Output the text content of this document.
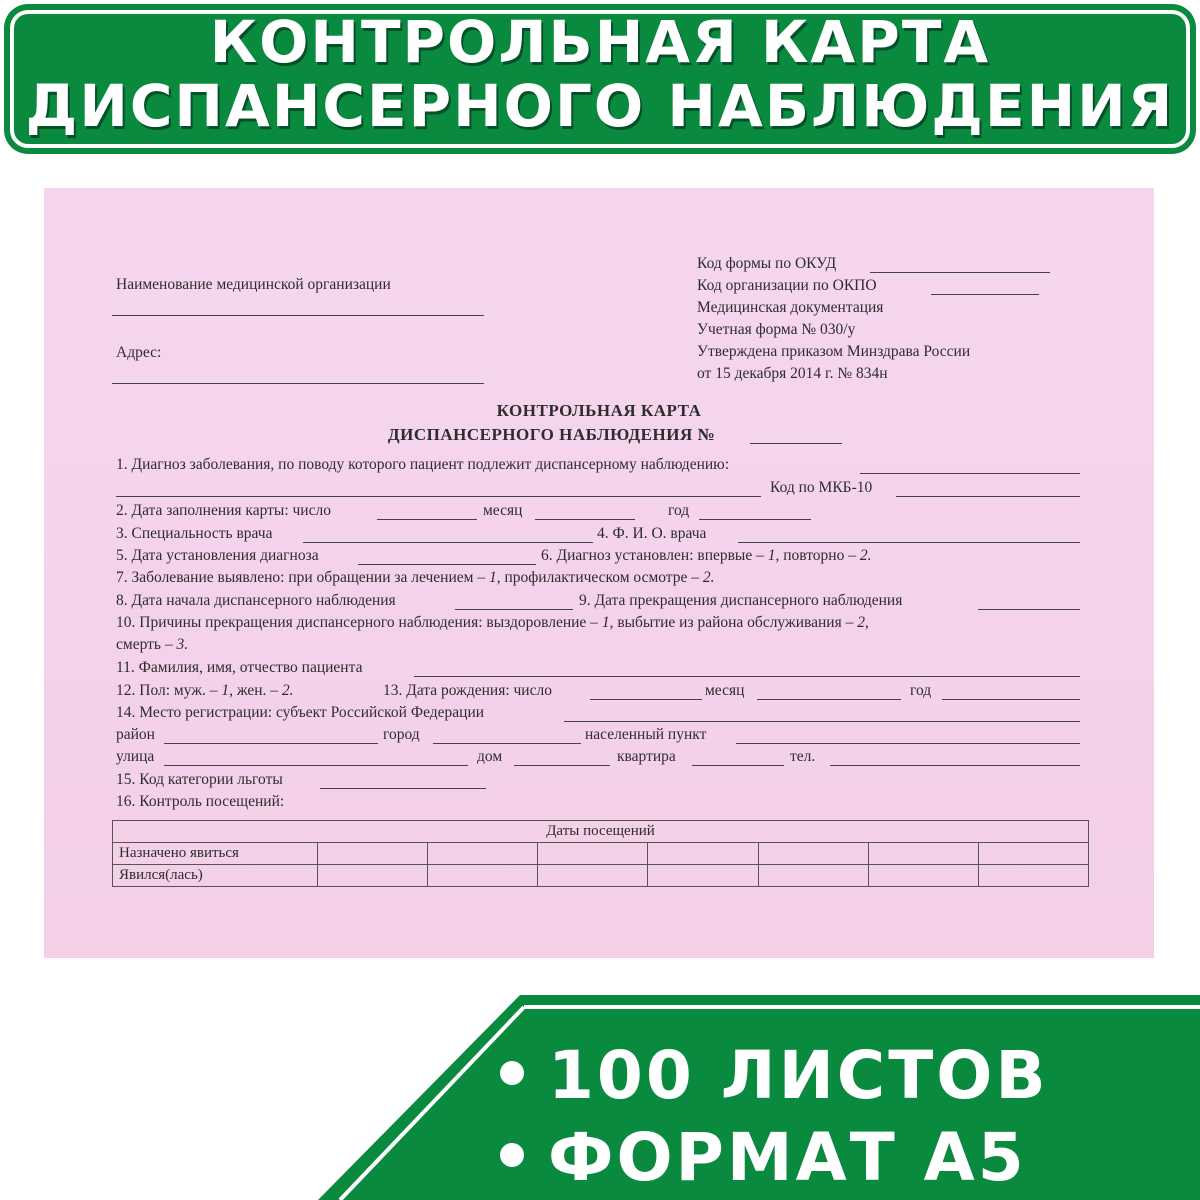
КОНТРОЛЬНАЯ КАРТА
ДИСПАНСЕРНОГО НАБЛЮДЕНИЯ
Наименование медицинской организации
Адрес:
Код формы по ОКУД
Код организации по ОКПО
Медицинская документация
Учетная форма № 030/у
Утверждена приказом Минздрава России
от 15 декабря 2014 г. № 834н
КОНТРОЛЬНАЯ КАРТА
ДИСПАНСЕРНОГО НАБЛЮДЕНИЯ №
1. Диагноз заболевания, по поводу которого пациент подлежит диспансерному наблюдению:
Код по МКБ-10
2. Дата заполнения карты: число	месяц	год
3. Специальность врача	4. Ф. И. О. врача
5. Дата установления диагноза	6. Диагноз установлен: впервые – 1, повторно – 2.
7. Заболевание выявлено: при обращении за лечением – 1, профилактическом осмотре – 2.
8. Дата начала диспансерного наблюдения	9. Дата прекращения диспансерного наблюдения
10. Причины прекращения диспансерного наблюдения: выздоровление – 1, выбытие из района обслуживания – 2,
смерть – 3.
11. Фамилия, имя, отчество пациента
12. Пол: муж. – 1, жен. – 2.	13. Дата рождения: число	месяц	год
14. Место регистрации: субъект Российской Федерации
район	город	населенный пункт
улица	дом	квартира	тел.
15. Код категории льготы
16. Контроль посещений:
Даты посещений							
Назначено явиться							
Явился(лась)							
100 ЛИСТОВ
ФОРМАТ А5
